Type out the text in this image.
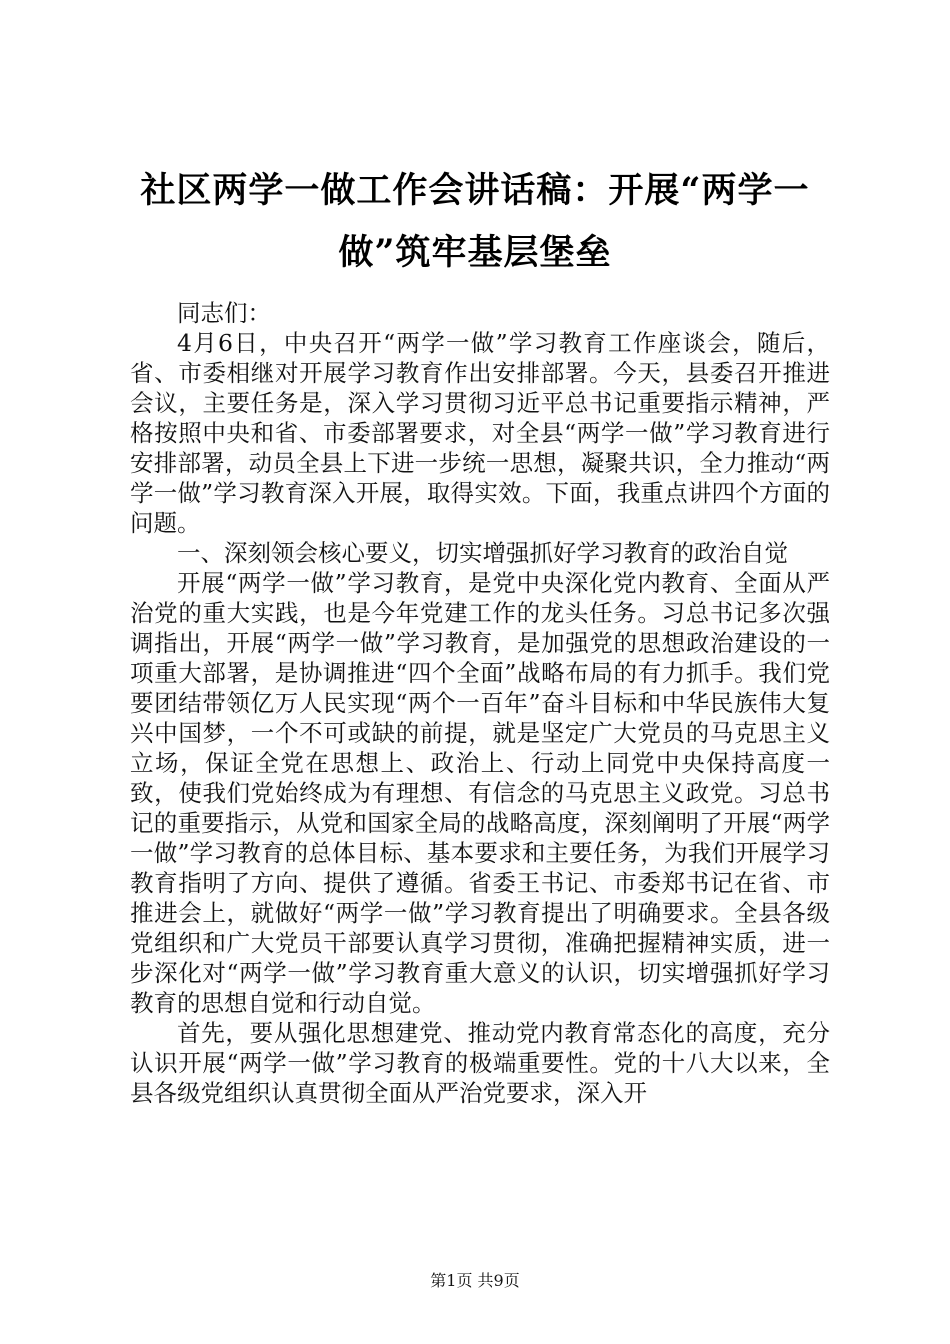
社区两学一做工作会讲话稿：开展“两学一
做”筑牢基层堡垒

同志们：

4月6日，中央召开“两学一做”学习教育工作座谈会，随后，省、市委相继对开展学习教育作出安排部署。今天，县委召开推进会议，主要任务是，深入学习贯彻习近平总书记重要指示精神，严格按照中央和省、市委部署要求，对全县“两学一做”学习教育进行安排部署，动员全县上下进一步统一思想，凝聚共识，全力推动“两学一做”学习教育深入开展，取得实效。下面，我重点讲四个方面的问题。

一、深刻领会核心要义，切实增强抓好学习教育的政治自觉

开展“两学一做”学习教育，是党中央深化党内教育、全面从严治党的重大实践，也是今年党建工作的龙头任务。习总书记多次强调指出，开展“两学一做”学习教育，是加强党的思想政治建设的一项重大部署，是协调推进“四个全面”战略布局的有力抓手。我们党要团结带领亿万人民实现“两个一百年”奋斗目标和中华民族伟大复兴中国梦，一个不可或缺的前提，就是坚定广大党员的马克思主义立场，保证全党在思想上、政治上、行动上同党中央保持高度一致，使我们党始终成为有理想、有信念的马克思主义政党。习总书记的重要指示，从党和国家全局的战略高度，深刻阐明了开展“两学一做”学习教育的总体目标、基本要求和主要任务，为我们开展学习教育指明了方向、提供了遵循。省委王书记、市委郑书记在省、市推进会上，就做好“两学一做”学习教育提出了明确要求。全县各级党组织和广大党员干部要认真学习贯彻，准确把握精神实质，进一步深化对“两学一做”学习教育重大意义的认识，切实增强抓好学习教育的思想自觉和行动自觉。

首先，要从强化思想建党、推动党内教育常态化的高度，充分认识开展“两学一做”学习教育的极端重要性。党的十八大以来，全县各级党组织认真贯彻全面从严治党要求，深入开

第1页 共9页
